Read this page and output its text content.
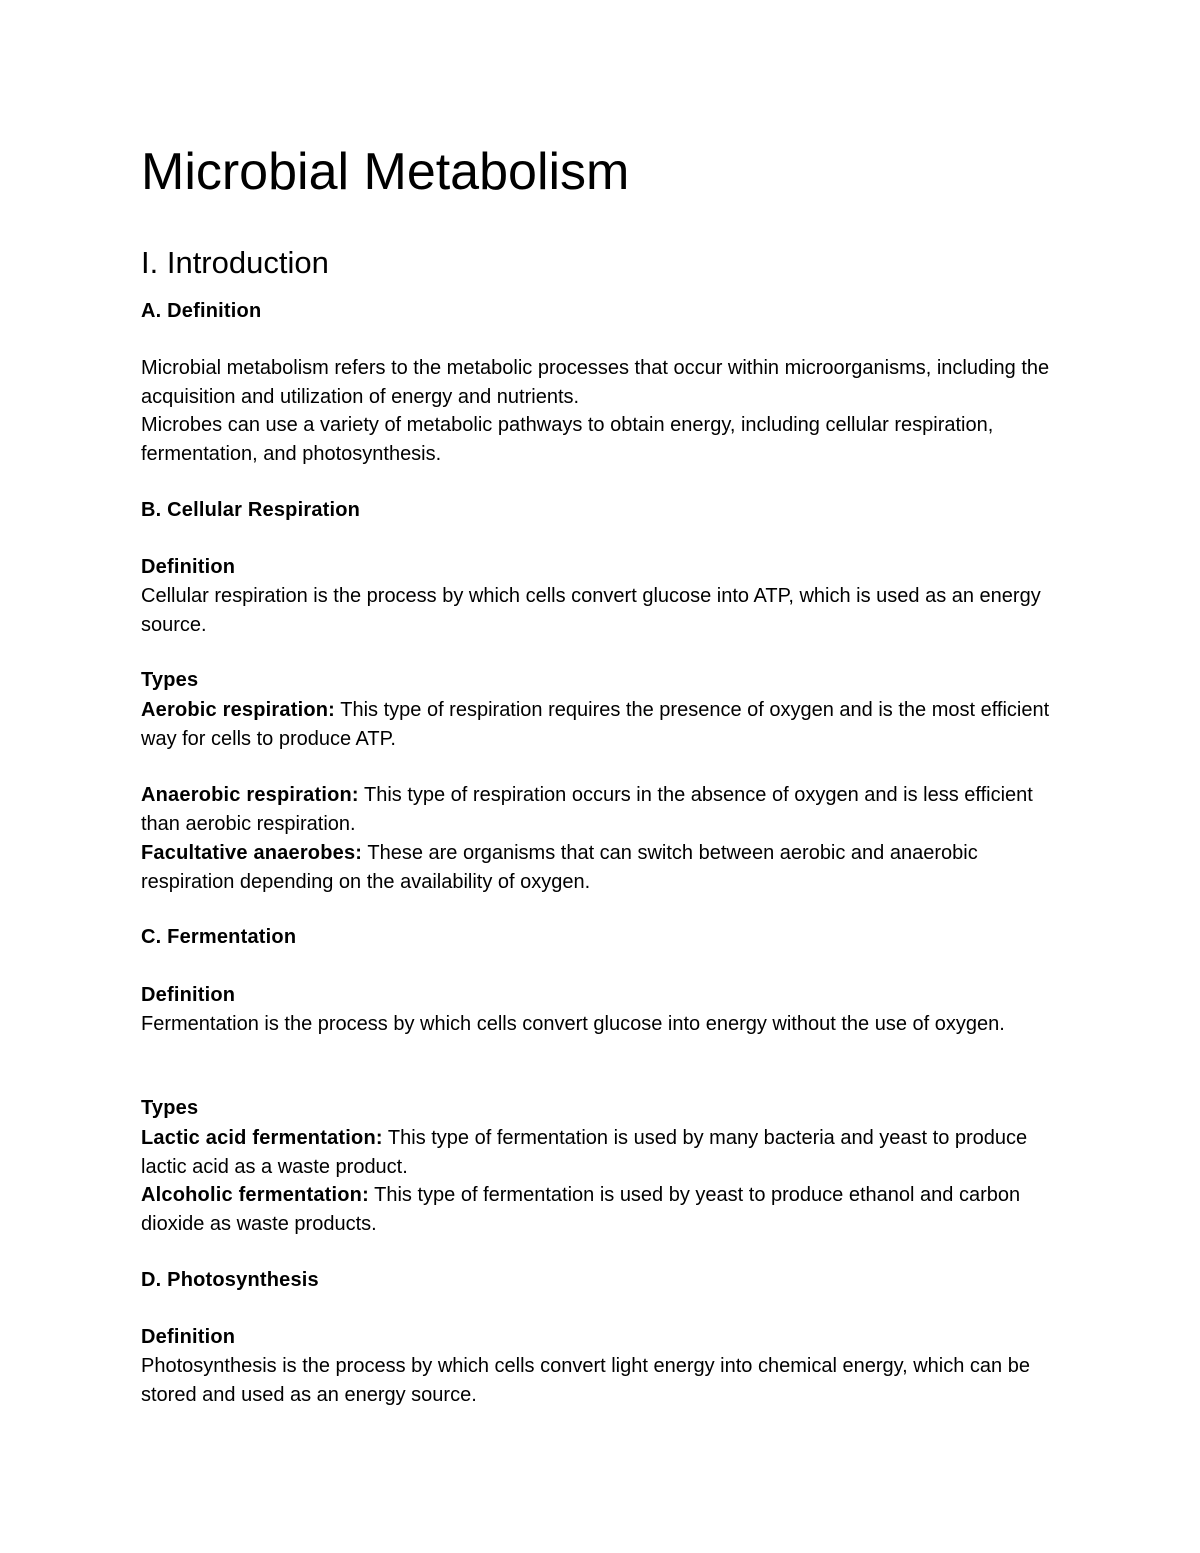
Microbial Metabolism
I. Introduction
A. Definition

Microbial metabolism refers to the metabolic processes that occur within microorganisms, including the acquisition and utilization of energy and nutrients.

Microbes can use a variety of metabolic pathways to obtain energy, including cellular respiration, fermentation, and photosynthesis.

B. Cellular Respiration
Definition

Cellular respiration is the process by which cells convert glucose into ATP, which is used as an energy source.

Types

Aerobic respiration: This type of respiration requires the presence of oxygen and is the most efficient way for cells to produce ATP.

Anaerobic respiration: This type of respiration occurs in the absence of oxygen and is less efficient than aerobic respiration.

Facultative anaerobes: These are organisms that can switch between aerobic and anaerobic respiration depending on the availability of oxygen.

C. Fermentation
Definition

Fermentation is the process by which cells convert glucose into energy without the use of oxygen.

Types

Lactic acid fermentation: This type of fermentation is used by many bacteria and yeast to produce lactic acid as a waste product.

Alcoholic fermentation: This type of fermentation is used by yeast to produce ethanol and carbon dioxide as waste products.

D. Photosynthesis
Definition

Photosynthesis is the process by which cells convert light energy into chemical energy, which can be stored and used as an energy source.
